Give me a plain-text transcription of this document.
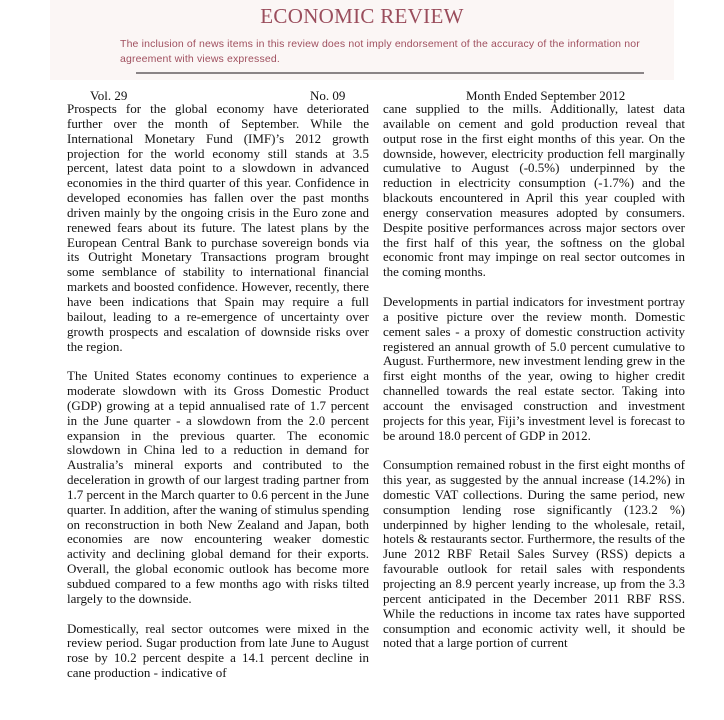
ECONOMIC REVIEW
The inclusion of news items in this review does not imply endorsement of the accuracy of the information nor agreement with views expressed.
Vol. 29	No. 09	Month Ended September 2012

Prospects for the global economy have deteriorated further over the month of September. While the International Monetary Fund (IMF)’s 2012 growth projection for the world economy still stands at 3.5 percent, latest data point to a slowdown in advanced economies in the third quarter of this year. Confidence in developed economies has fallen over the past months driven mainly by the ongoing crisis in the Euro zone and renewed fears about its future. The latest plans by the European Central Bank to purchase sovereign bonds via its Outright Monetary Transactions program brought some semblance of stability to international financial markets and boosted confidence. However, recently, there have been indications that Spain may require a full bailout, leading to a re-emergence of uncertainty over growth prospects and escalation of downside risks over the region.

The United States economy continues to experience a moderate slowdown with its Gross Domestic Product (GDP) growing at a tepid annualised rate of 1.7 percent in the June quarter - a slowdown from the 2.0 percent expansion in the previous quarter. The economic slowdown in China led to a reduction in demand for Australia’s mineral exports and contributed to the deceleration in growth of our largest trading partner from 1.7 percent in the March quarter to 0.6 percent in the June quarter. In addition, after the waning of stimulus spending on reconstruction in both New Zealand and Japan, both economies are now encountering weaker domestic activity and declining global demand for their exports. Overall, the global economic outlook has become more subdued compared to a few months ago with risks tilted largely to the downside.

Domestically, real sector outcomes were mixed in the review period. Sugar production from late June to August rose by 10.2 percent despite a 14.1 percent decline in cane production - indicative of

cane supplied to the mills. Additionally, latest data available on cement and gold production reveal that output rose in the first eight months of this year. On the downside, however, electricity production fell marginally cumulative to August (-0.5%) underpinned by the reduction in electricity consumption (-1.7%) and the blackouts encountered in April this year coupled with energy conservation measures adopted by consumers. Despite positive performances across major sectors over the first half of this year, the softness on the global economic front may impinge on real sector outcomes in the coming months.

Developments in partial indicators for investment portray a positive picture over the review month. Domestic cement sales - a proxy of domestic construction activity registered an annual growth of 5.0 percent cumulative to August. Furthermore, new investment lending grew in the first eight months of the year, owing to higher credit channelled towards the real estate sector. Taking into account the envisaged construction and investment projects for this year, Fiji’s investment level is forecast to be around 18.0 percent of GDP in 2012.

Consumption remained robust in the first eight months of this year, as suggested by the annual increase (14.2%) in domestic VAT collections. During the same period, new consumption lending rose significantly (123.2 %) underpinned by higher lending to the wholesale, retail, hotels & restaurants sector. Furthermore, the results of the June 2012 RBF Retail Sales Survey (RSS) depicts a favourable outlook for retail sales with respondents projecting an 8.9 percent yearly increase, up from the 3.3 percent anticipated in the December 2011 RBF RSS. While the reductions in income tax rates have supported consumption and economic activity well, it should be noted that a large portion of current
